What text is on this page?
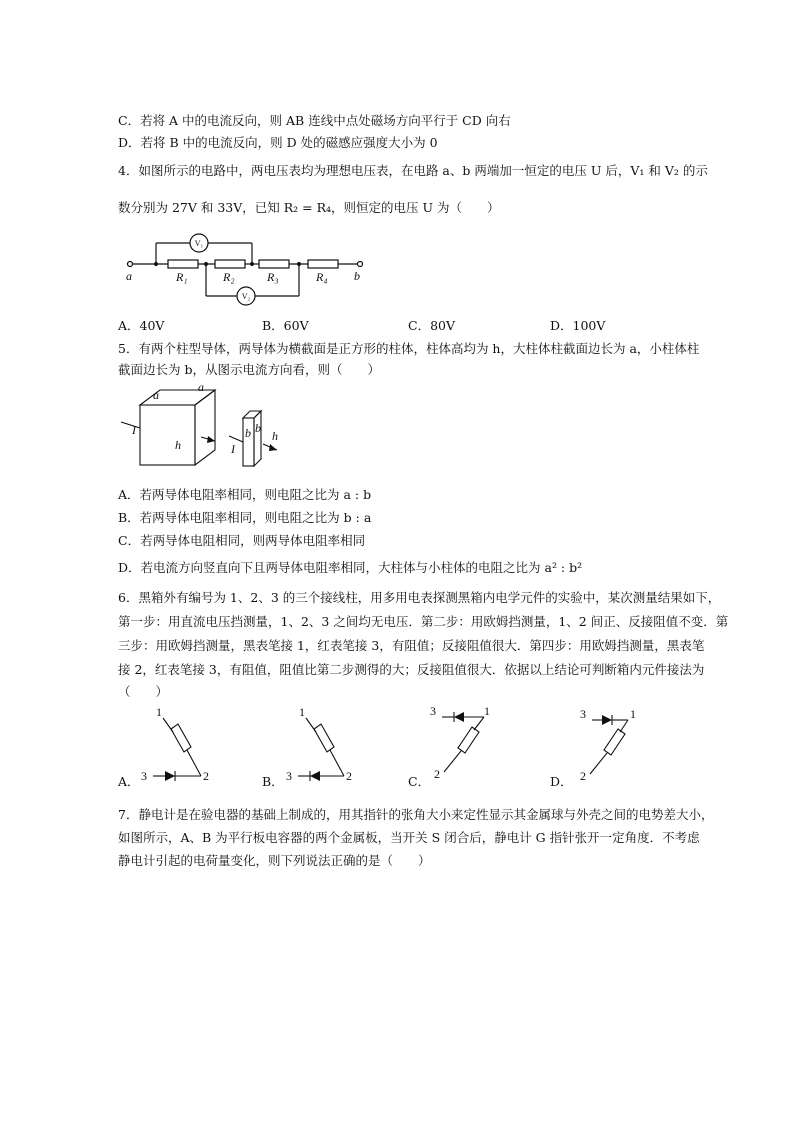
C．若将 A 中的电流反向，则 AB 连线中点处磁场方向平行于 CD 向右
D．若将 B 中的电流反向，则 D 处的磁感应强度大小为 0
4．如图所示的电路中，两电压表均为理想电压表，在电路 a、b 两端加一恒定的电压 U 后，V₁ 和 V₂ 的示
数分别为 27V 和 33V，已知 R₂ = R₄，则恒定的电压 U 为（　　）
a	b
R₁	R₂	R₃	R₄
V₁
V₂
A．40V	B．60V	C．80V	D．100V
5．有两个柱型导体，两导体为横截面是正方形的柱体，柱体高均为 h，大柱体柱截面边长为 a，小柱体柱
截面边长为 b，从图示电流方向看，则（　　）
a
a
h
I
I
b b
h
A．若两导体电阻率相同，则电阻之比为 a : b
B．若两导体电阻率相同，则电阻之比为 b : a
C．若两导体电阻相同，则两导体电阻率相同
D．若电流方向竖直向下且两导体电阻率相同，大柱体与小柱体的电阻之比为 a² : b²
6．黑箱外有编号为 1、2、3 的三个接线柱，用多用电表探测黑箱内电学元件的实验中，某次测量结果如下，
第一步：用直流电压挡测量，1、2、3 之间均无电压．第二步：用欧姆挡测量，1、2 间正、反接阻值不变．第
三步：用欧姆挡测量，黑表笔接 1，红表笔接 3，有阻值；反接阻值很大．第四步：用欧姆挡测量，黑表笔
接 2，红表笔接 3，有阻值，阻值比第二步测得的大；反接阻值很大．依据以上结论可判断箱内元件接法为
（　　）
A．
1
3	2	B．
1
3	2	C．
3	1
2	D．
3	1
2
7．静电计是在验电器的基础上制成的，用其指针的张角大小来定性显示其金属球与外壳之间的电势差大小，
如图所示，A、B 为平行板电容器的两个金属板，当开关 S 闭合后，静电计 G 指针张开一定角度．不考虑
静电计引起的电荷量变化，则下列说法正确的是（　　）
